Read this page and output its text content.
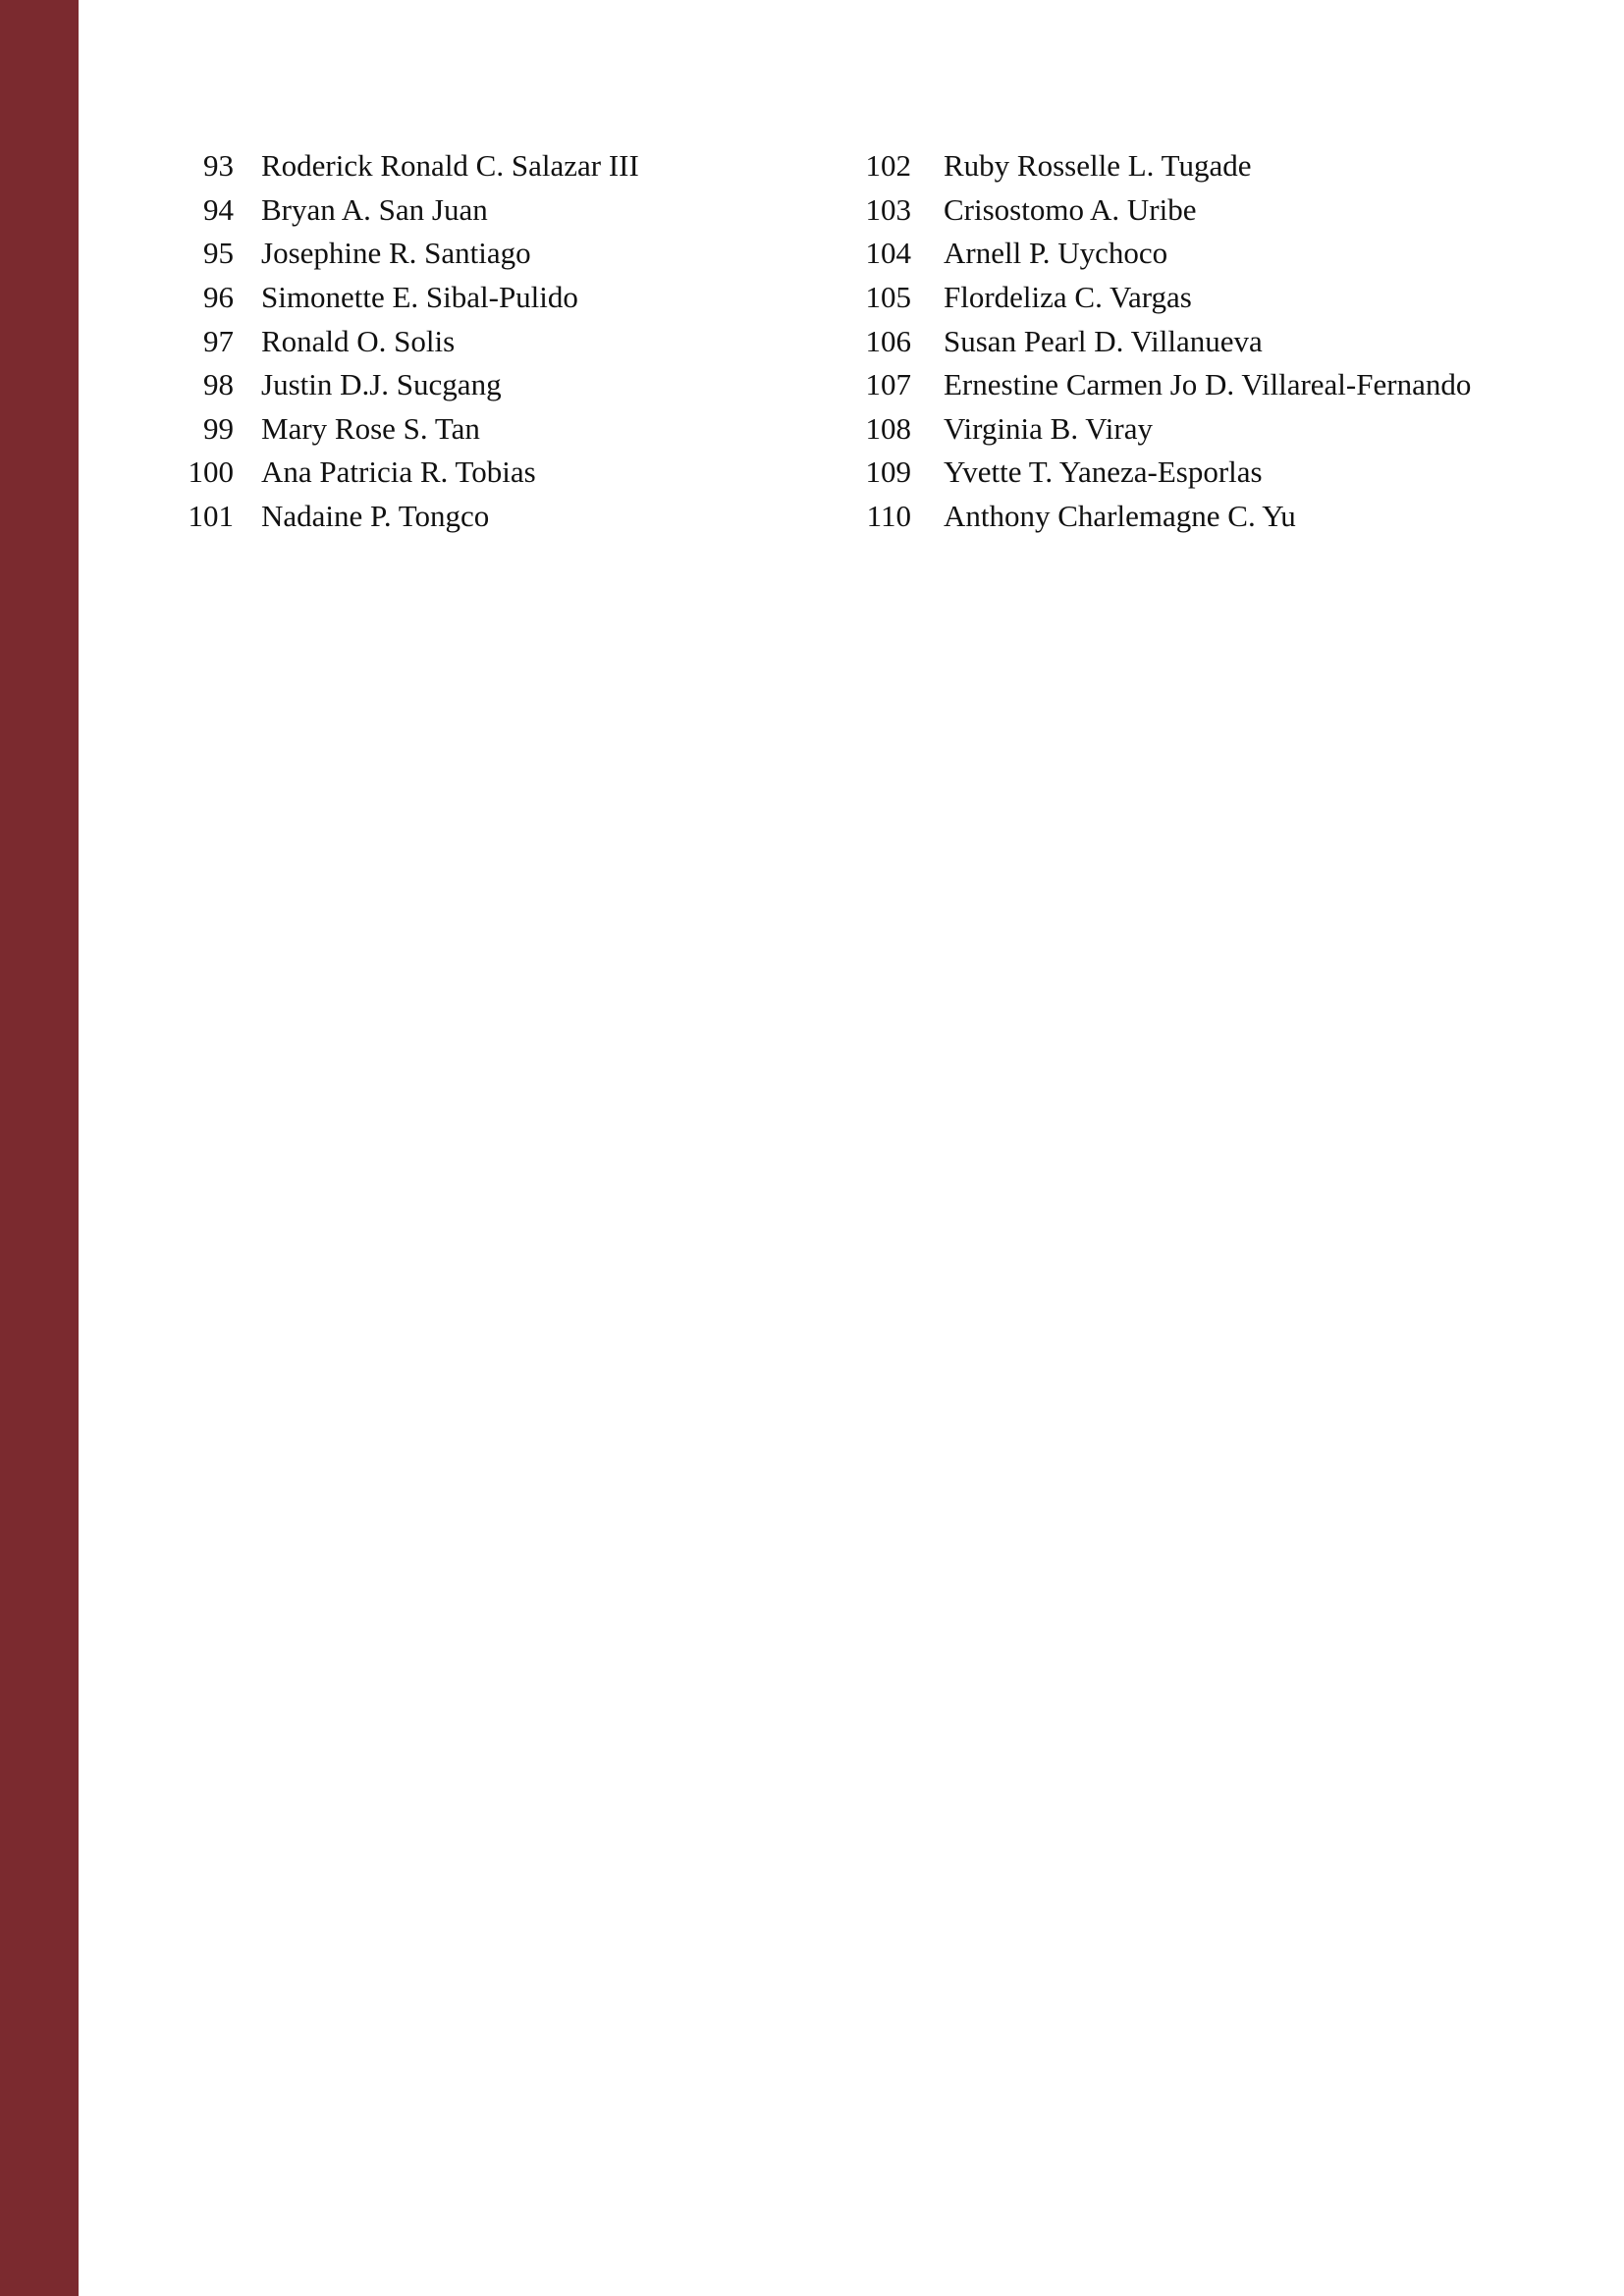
93 Roderick Ronald C. Salazar III
94 Bryan A. San Juan
95 Josephine R. Santiago
96 Simonette E. Sibal-Pulido
97 Ronald O. Solis
98 Justin D.J. Sucgang
99 Mary Rose S. Tan
100 Ana Patricia R. Tobias
101 Nadaine P. Tongco
102	Ruby Rosselle L. Tugade
103	Crisostomo A. Uribe
104	Arnell P. Uychoco
105	Flordeliza C. Vargas
106	Susan Pearl D. Villanueva
107	Ernestine Carmen Jo D. Villareal-Fernando
108	Virginia B. Viray
109	Yvette T. Yaneza-Esporlas
110	Anthony Charlemagne C. Yu
